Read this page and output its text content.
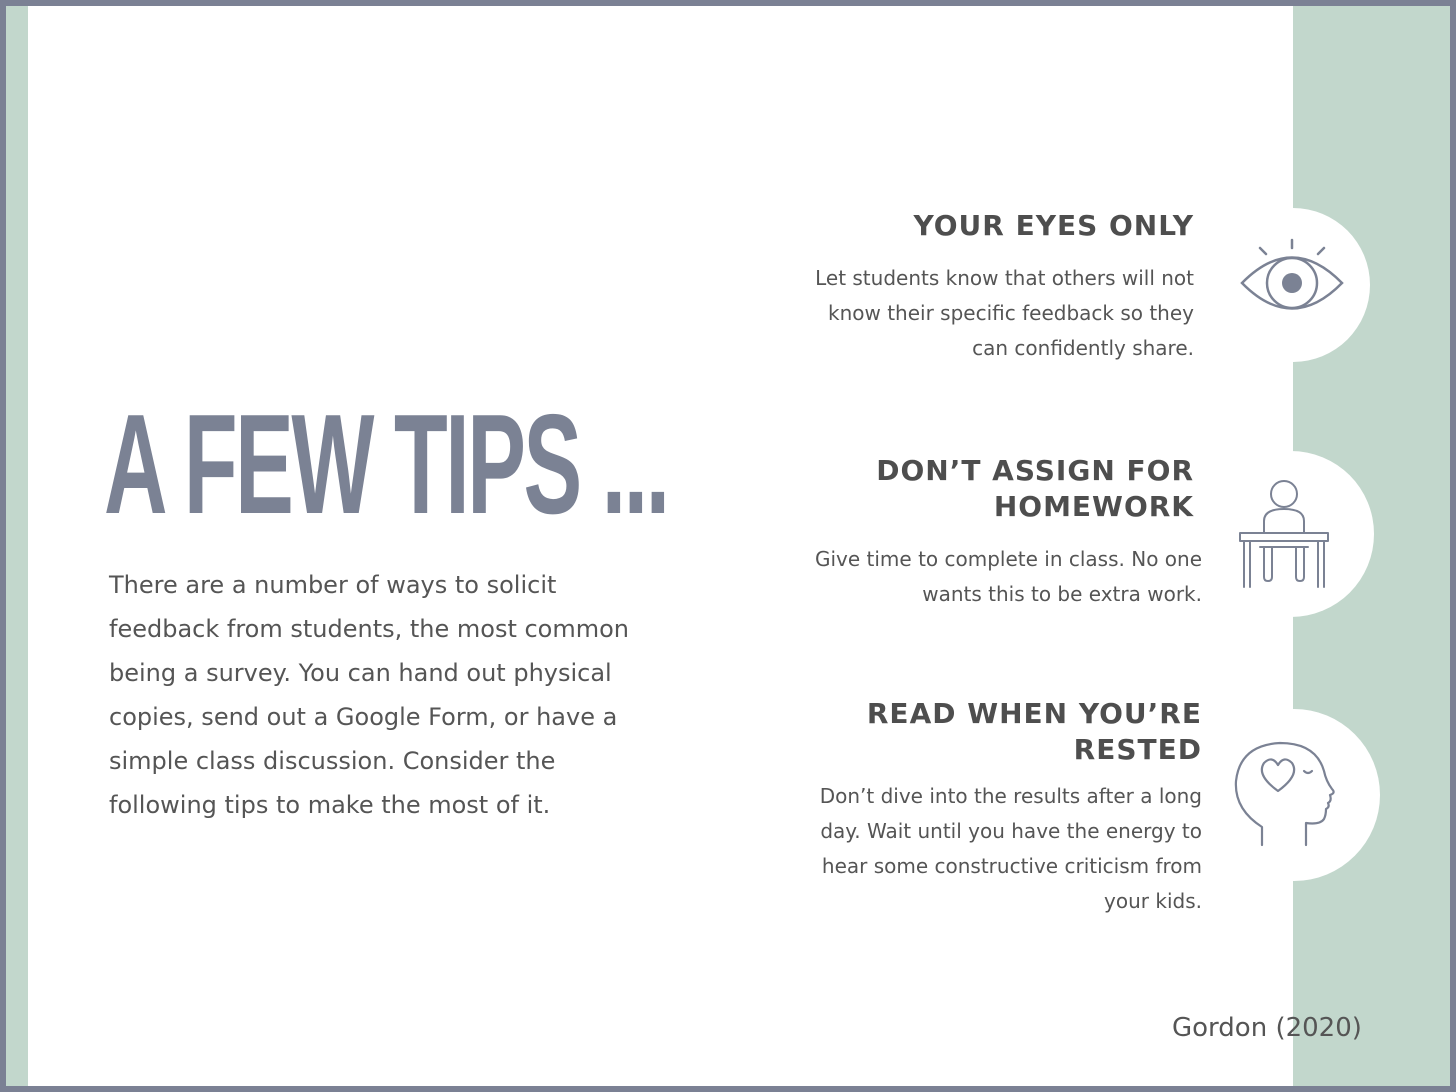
A FEW TIPS ...

There are a number of ways to solicit feedback from students, the most common being a survey. You can hand out physical copies, send out a Google Form, or have a simple class discussion. Consider the following tips to make the most of it.

YOUR EYES ONLY

Let students know that others will not know their specific feedback so they can confidently share.

DON’T ASSIGN FOR HOMEWORK

Give time to complete in class. No one wants this to be extra work.

READ WHEN YOU’RE RESTED

Don’t dive into the results after a long day. Wait until you have the energy to hear some constructive criticism from your kids.

Gordon (2020)
